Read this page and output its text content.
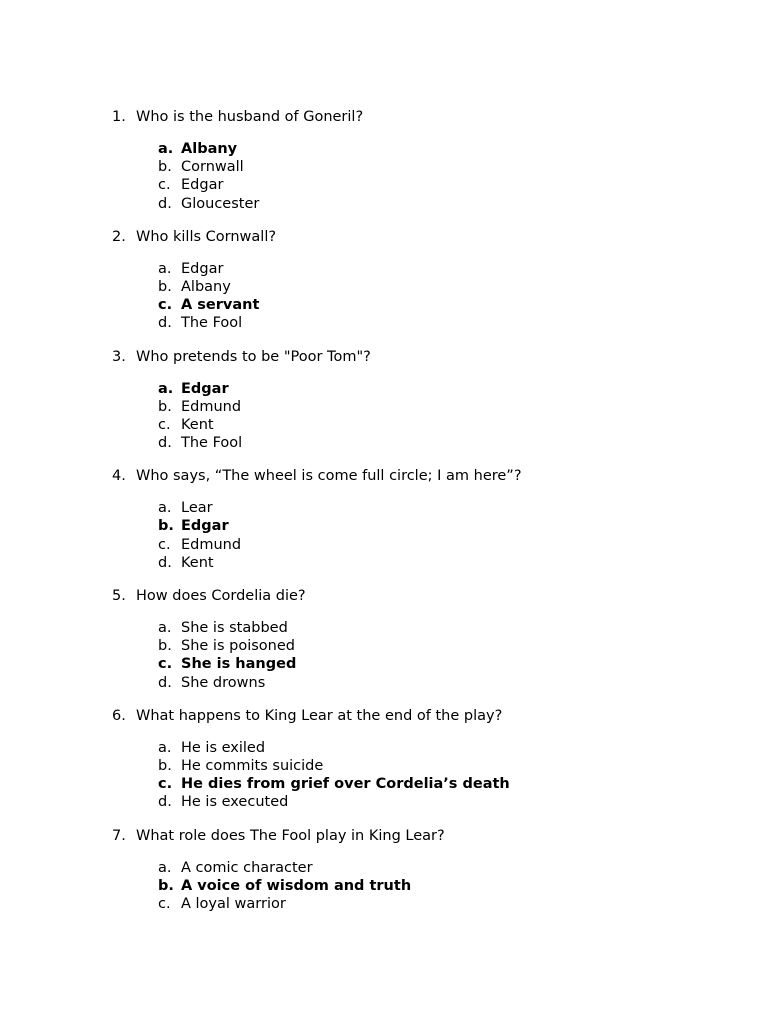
1. Who is the husband of Goneril?
a. Albany
b. Cornwall
c. Edgar
d. Gloucester
2. Who kills Cornwall?
a. Edgar
b. Albany
c. A servant
d. The Fool
3. Who pretends to be "Poor Tom"?
a. Edgar
b. Edmund
c. Kent
d. The Fool
4. Who says, “The wheel is come full circle; I am here”?
a. Lear
b. Edgar
c. Edmund
d. Kent
5. How does Cordelia die?
a. She is stabbed
b. She is poisoned
c. She is hanged
d. She drowns
6. What happens to King Lear at the end of the play?
a. He is exiled
b. He commits suicide
c. He dies from grief over Cordelia’s death
d. He is executed
7. What role does The Fool play in King Lear?
a. A comic character
b. A voice of wisdom and truth
c. A loyal warrior
